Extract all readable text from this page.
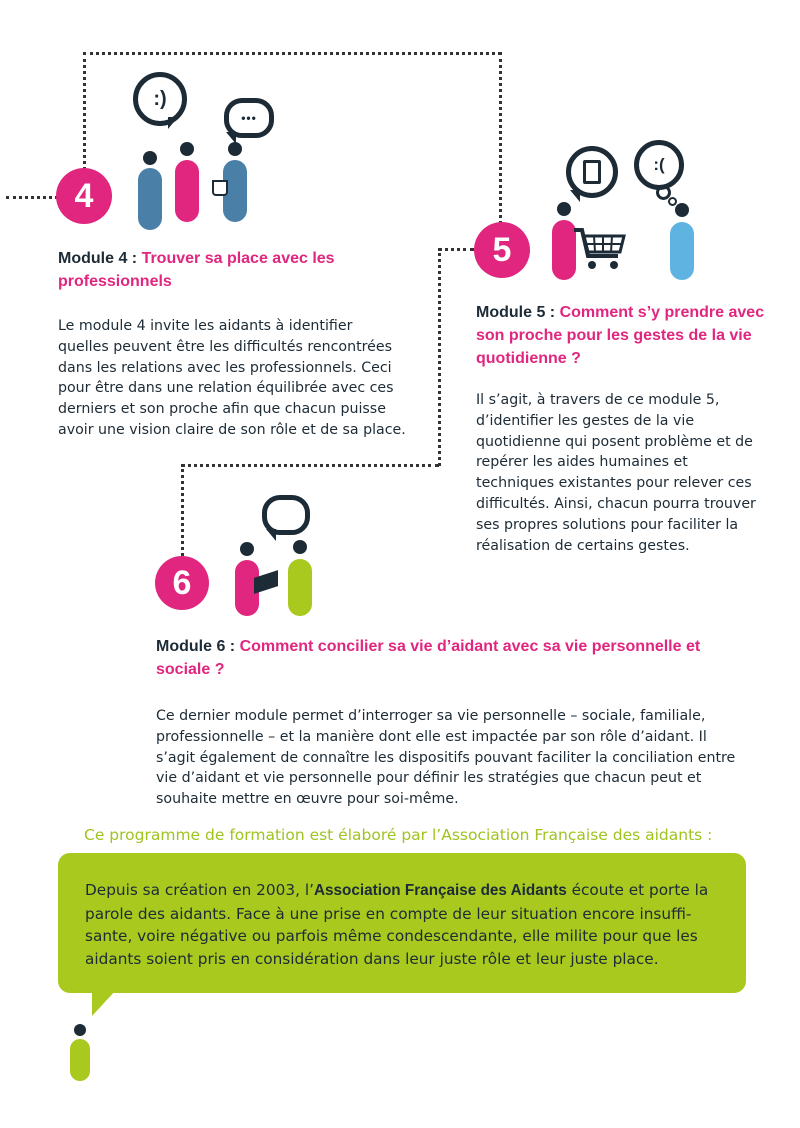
4
:)
•••
Module 4 : Trouver sa place avec les professionnels
Le module 4 invite les aidants à identifier quelles peuvent être les difficultés rencontrées dans les relations avec les professionnels. Ceci pour être dans une relation équilibrée avec ces derniers et son proche afin que chacun puisse avoir une vision claire de son rôle et de sa place.
5
:(
Module 5 : Comment s’y prendre avec son proche pour les gestes de la vie quotidienne ?
Il s’agit, à travers de ce module 5, d’identifier les gestes de la vie quotidienne qui posent problème et de repérer les aides humaines et techniques existantes pour relever ces difficultés. Ainsi, chacun pourra trouver ses propres solutions pour faciliter la réalisation de certains gestes.
6
Module 6 : Comment concilier sa vie d’aidant avec sa vie personnelle et sociale ?
Ce dernier module permet d’interroger sa vie personnelle – sociale, familiale, professionnelle – et la manière dont elle est impactée par son rôle d’aidant. Il s’agit également de connaître les dispositifs pouvant faciliter la conciliation entre vie d’aidant et vie personnelle pour définir les stratégies que chacun peut et souhaite mettre en œuvre pour soi-même.
Ce programme de formation est élaboré par l’Association Française des aidants :
Depuis sa création en 2003, l’Association Française des Aidants écoute et porte la parole des aidants. Face à une prise en compte de leur situation encore insuffi-sante, voire négative ou parfois même condescendante, elle milite pour que les aidants soient pris en considération dans leur juste rôle et leur juste place.
